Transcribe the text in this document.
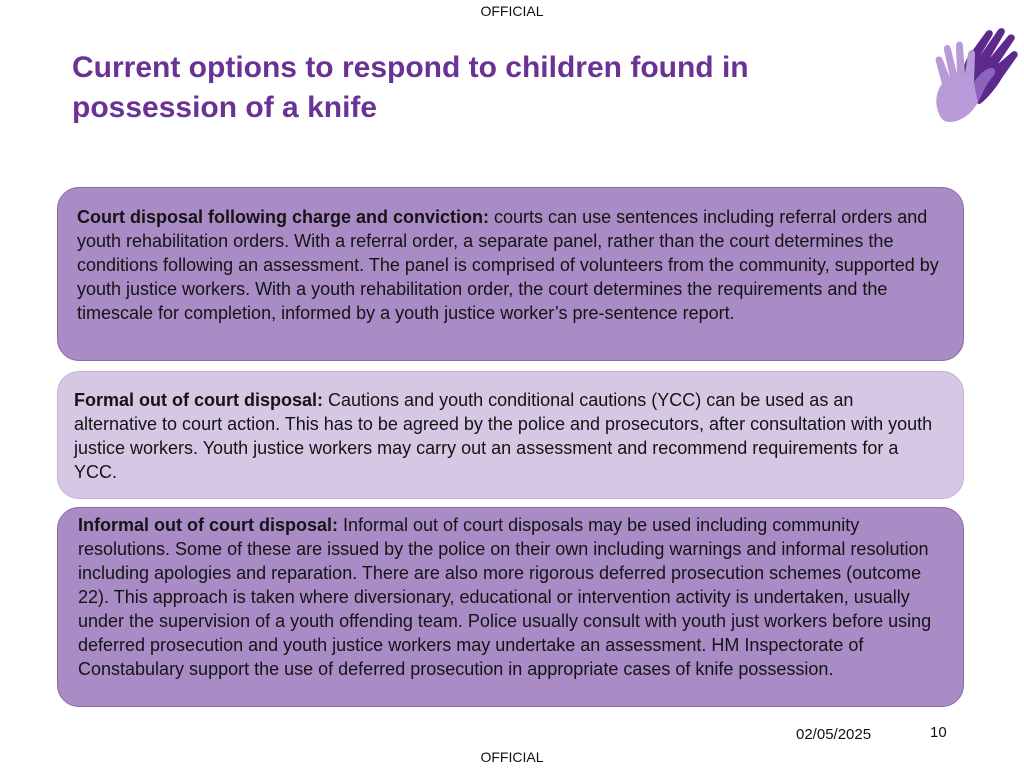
OFFICIAL
Current options to respond to children found in possession of a knife
Court disposal following charge and conviction: courts can use sentences including referral orders and youth rehabilitation orders. With a referral order, a separate panel, rather than the court determines the conditions following an assessment. The panel is comprised of volunteers from the community, supported by youth justice workers. With a youth rehabilitation order, the court determines the requirements and the timescale for completion, informed by a youth justice worker’s pre-sentence report.
Formal out of court disposal: Cautions and youth conditional cautions (YCC) can be used as an alternative to court action. This has to be agreed by the police and prosecutors, after consultation with youth justice workers. Youth justice workers may carry out an assessment and recommend requirements for a YCC.
Informal out of court disposal: Informal out of court disposals may be used including community resolutions. Some of these are issued by the police on their own including warnings and informal resolution including apologies and reparation. There are also more rigorous deferred prosecution schemes (outcome 22). This approach is taken where diversionary, educational or intervention activity is undertaken, usually under the supervision of a youth offending team. Police usually consult with youth just workers before using deferred prosecution and youth justice workers may undertake an assessment. HM Inspectorate of Constabulary support the use of deferred prosecution in appropriate cases of knife possession.
02/05/2025	10
OFFICIAL
